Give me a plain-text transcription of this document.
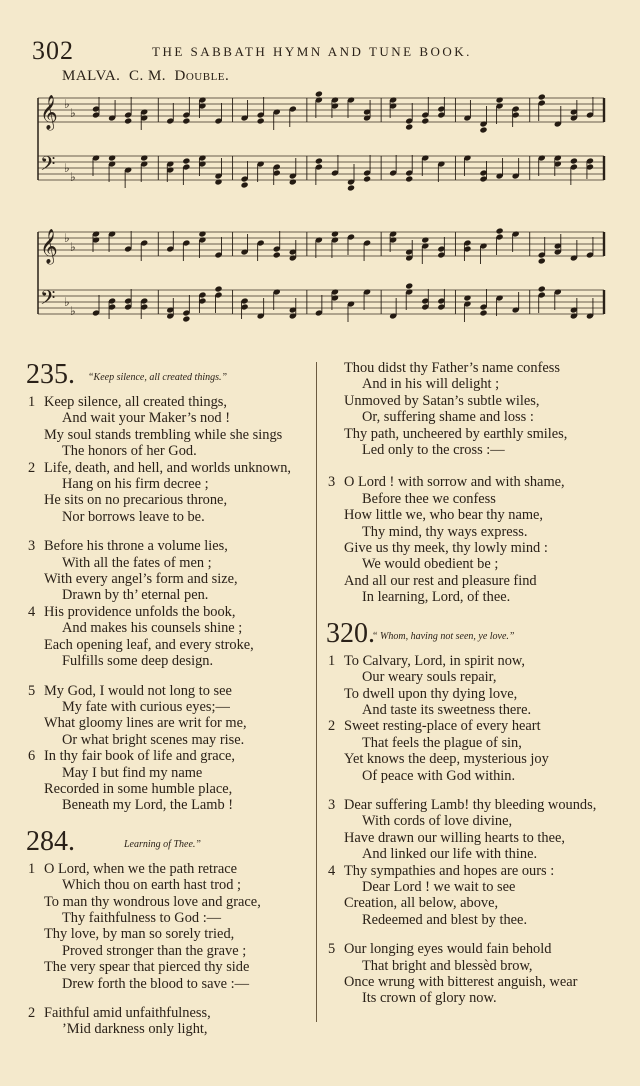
302	THE SABBATH HYMN AND TUNE BOOK.
MALVA. C. M. Double.
𝄞 ♭
♭
𝄢 ♭
♭
𝄞 ♭
♭
𝄢 ♭
♭
235. “Keep silence, all created things.”
1 Keep silence, all created things,
And wait your Maker’s nod !
My soul stands trembling while she sings
The honors of her God.
2 Life, death, and hell, and worlds unknown,
Hang on his firm decree ;
He sits on no precarious throne,
Nor borrows leave to be.
3 Before his throne a volume lies,
With all the fates of men ;
With every angel’s form and size,
Drawn by th’ eternal pen.
4 His providence unfolds the book,
And makes his counsels shine ;
Each opening leaf, and every stroke,
Fulfills some deep design.
5 My God, I would not long to see
My fate with curious eyes;—
What gloomy lines are writ for me,
Or what bright scenes may rise.
6 In thy fair book of life and grace,
May I but find my name
Recorded in some humble place,
Beneath my Lord, the Lamb !
284.	Learning of Thee.”
1 O Lord, when we the path retrace
Which thou on earth hast trod ;
To man thy wondrous love and grace,
Thy faithfulness to God :—
Thy love, by man so sorely tried,
Proved stronger than the grave ;
The very spear that pierced thy side
Drew forth the blood to save :—
2 Faithful amid unfaithfulness,
’Mid darkness only light,
Thou didst thy Father’s name confess
And in his will delight ;
Unmoved by Satan’s subtle wiles,
Or, suffering shame and loss :
Thy path, uncheered by earthly smiles,
Led only to the cross :—
3 O Lord ! with sorrow and with shame,
Before thee we confess
How little we, who bear thy name,
Thy mind, thy ways express.
Give us thy meek, thy lowly mind :
We would obedient be ;
And all our rest and pleasure find
In learning, Lord, of thee.
320.
“ Whom, having not seen, ye love.”
1 To Calvary, Lord, in spirit now,
Our weary souls repair,
To dwell upon thy dying love,
And taste its sweetness there.
2 Sweet resting-place of every heart
That feels the plague of sin,
Yet knows the deep, mysterious joy
Of peace with God within.
3 Dear suffering Lamb! thy bleeding wounds,
With cords of love divine,
Have drawn our willing hearts to thee,
And linked our life with thine.
4 Thy sympathies and hopes are ours :
Dear Lord ! we wait to see
Creation, all below, above,
Redeemed and blest by thee.
5 Our longing eyes would fain behold
That bright and blessèd brow,
Once wrung with bitterest anguish, wear
Its crown of glory now.
